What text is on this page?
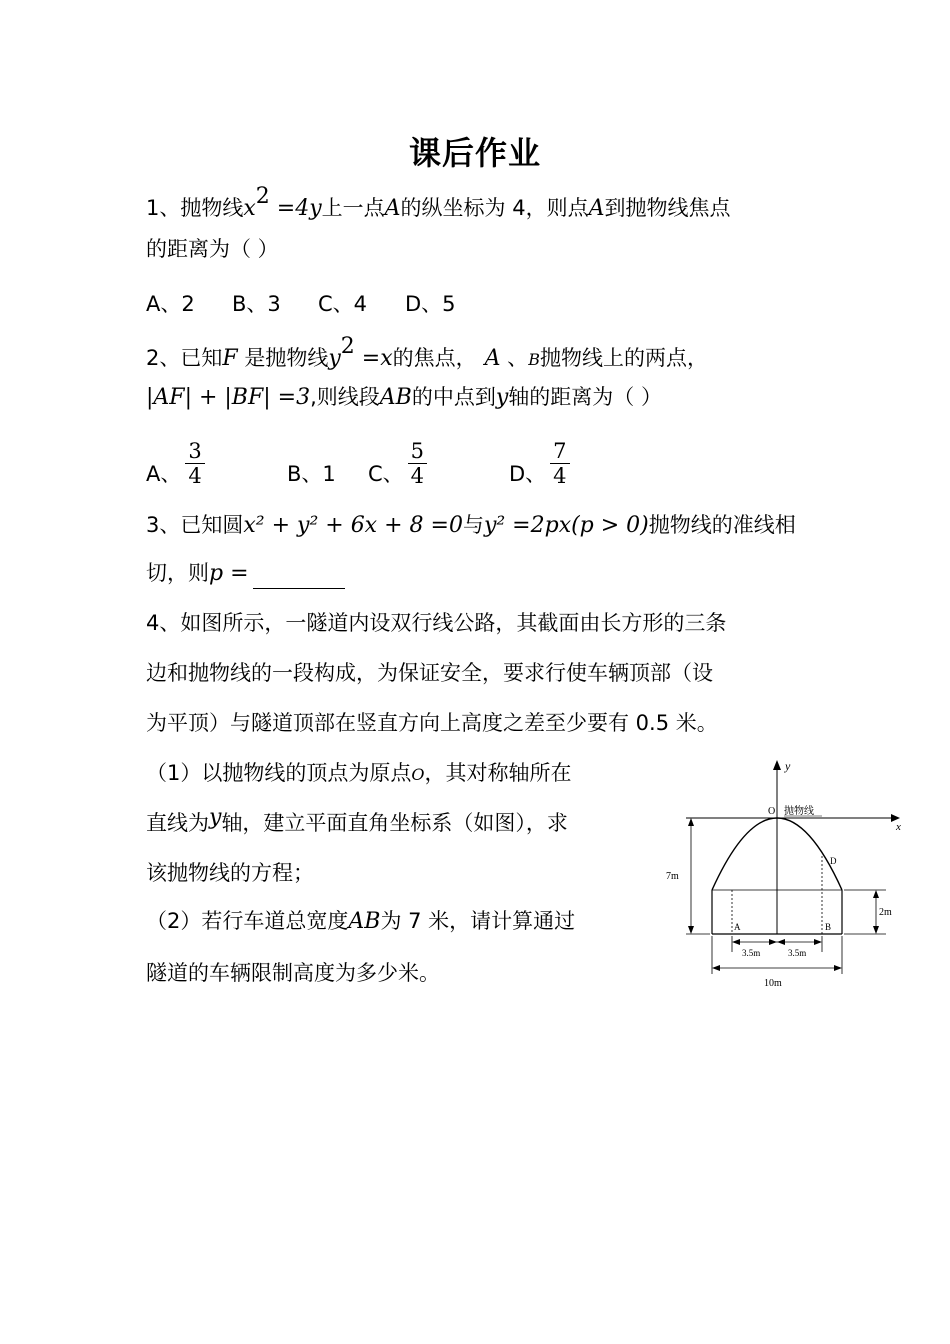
课后作业
1、抛物线$x^2 =4y$上一点A的纵坐标为 4，则点A到抛物线焦点
的距离为（ ）
A、2 B、3 C、4 D、5
2、已知F 是抛物线$y^2 =x$的焦点， A 、B抛物线上的两点，
|AF| + |BF| =3,则线段AB的中点到y轴的距离为（ ）
A、 $\frac{3}{4}$	B、1 C、 $\frac{5}{4}$	D、 $\frac{7}{4}$
3、已知圆x² + y² + 6x + 8 =0与y² =2px(p > 0)抛物线的准线相
切，则p =
4、如图所示，一隧道内设双行线公路，其截面由长方形的三条
边和抛物线的一段构成，为保证安全，要求行使车辆顶部（设
为平顶）与隧道顶部在竖直方向上高度之差至少要有 0.5 米。
（1）以抛物线的顶点为原点O，其对称轴所在
直线为y轴，建立平面直角坐标系（如图），求
该抛物线的方程；
（2）若行车道总宽度AB为 7 米，请计算通过
隧道的车辆限制高度为多少米。
y
x
O 抛物线
A	B
D
7m
2m
3.5m	3.5m
10m
